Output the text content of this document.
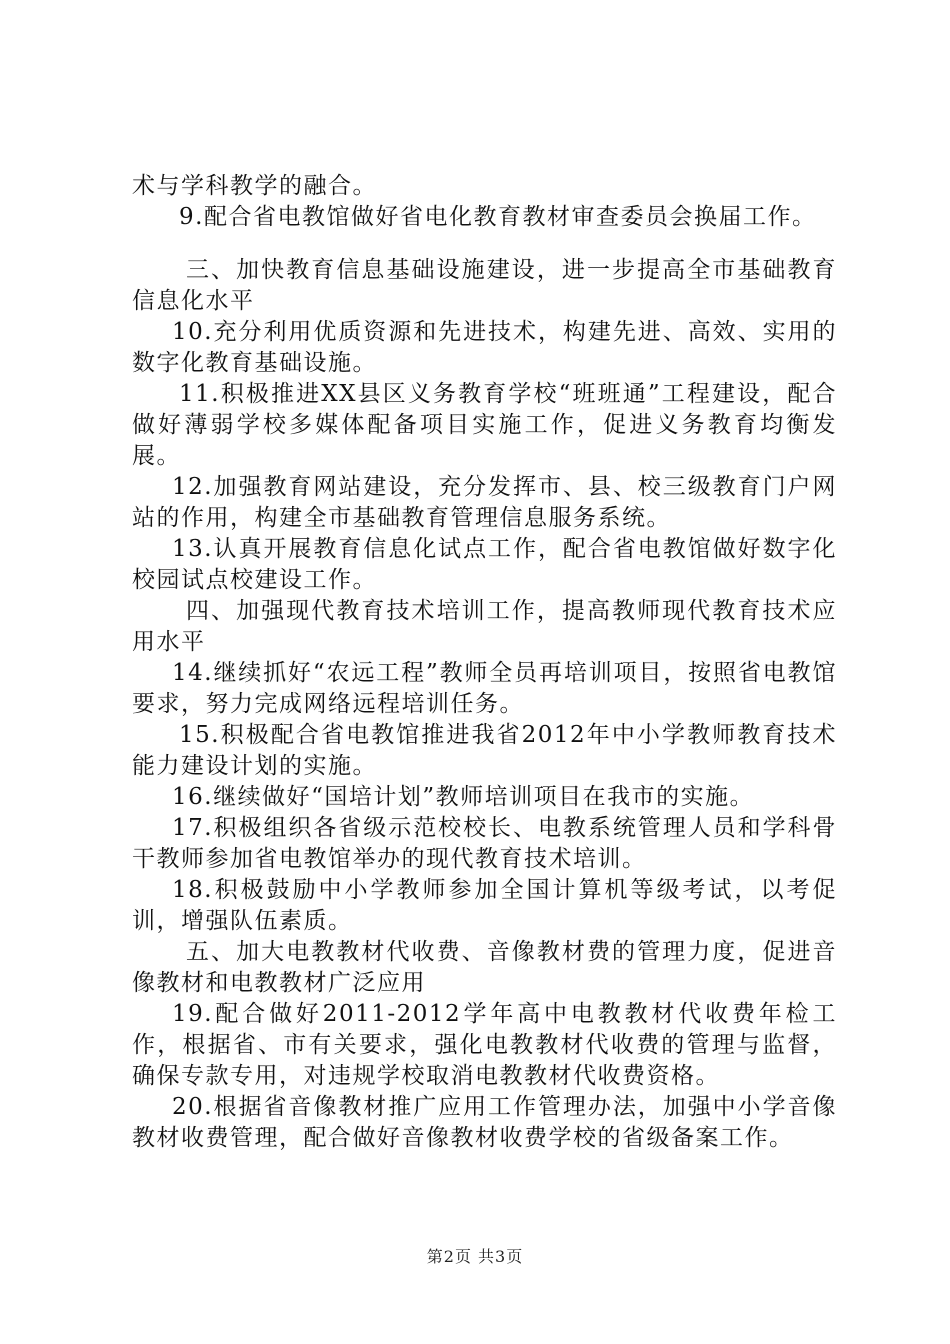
术与学科教学的融合。

9.配合省电教馆做好省电化教育教材审查委员会换届工作。

三、加快教育信息基础设施建设，进一步提高全市基础教育信息化水平

10.充分利用优质资源和先进技术，构建先进、高效、实用的数字化教育基础设施。

11.积极推进XX县区义务教育学校“班班通”工程建设，配合做好薄弱学校多媒体配备项目实施工作，促进义务教育均衡发展。

12.加强教育网站建设，充分发挥市、县、校三级教育门户网站的作用，构建全市基础教育管理信息服务系统。

13.认真开展教育信息化试点工作，配合省电教馆做好数字化校园试点校建设工作。

四、加强现代教育技术培训工作，提高教师现代教育技术应用水平

14.继续抓好“农远工程”教师全员再培训项目，按照省电教馆要求，努力完成网络远程培训任务。

15.积极配合省电教馆推进我省2012年中小学教师教育技术能力建设计划的实施。

16.继续做好“国培计划”教师培训项目在我市的实施。

17.积极组织各省级示范校校长、电教系统管理人员和学科骨干教师参加省电教馆举办的现代教育技术培训。

18.积极鼓励中小学教师参加全国计算机等级考试，以考促训，增强队伍素质。

五、加大电教教材代收费、音像教材费的管理力度，促进音像教材和电教教材广泛应用

19.配合做好2011-2012学年高中电教教材代收费年检工作，根据省、市有关要求，强化电教教材代收费的管理与监督，确保专款专用，对违规学校取消电教教材代收费资格。

20.根据省音像教材推广应用工作管理办法，加强中小学音像教材收费管理，配合做好音像教材收费学校的省级备案工作。

第2页 共3页
